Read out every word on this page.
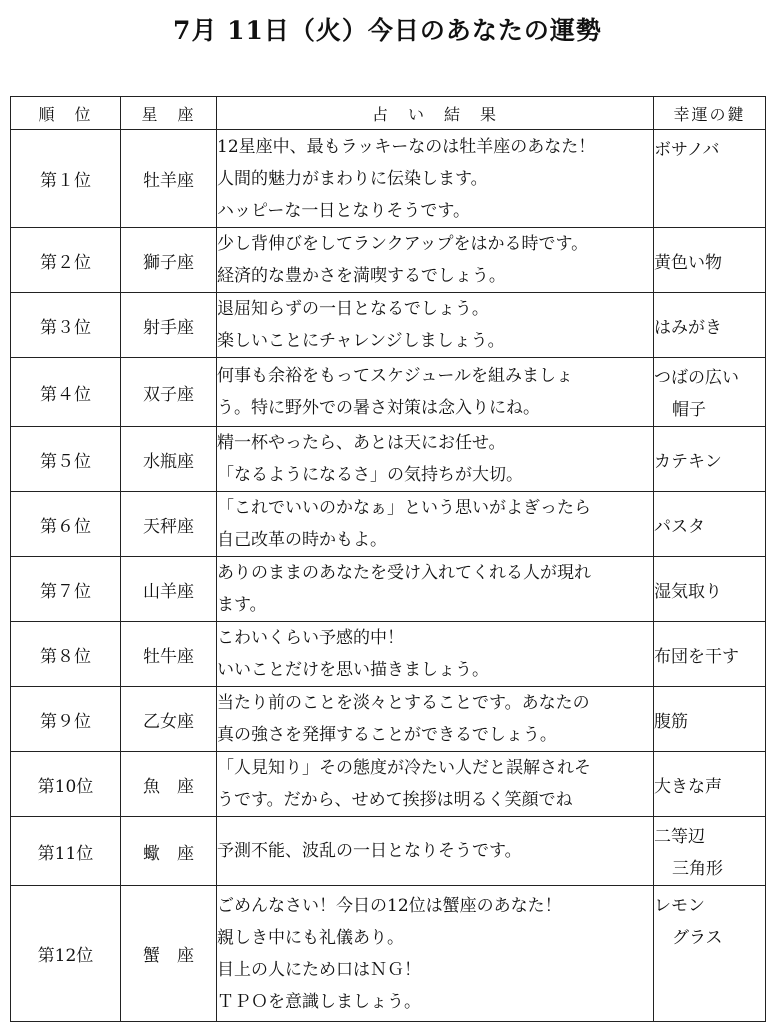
7月 11日（火）今日のあなたの運勢
順　位	星　座	占　い　結　果	幸運の鍵
第１位	牡羊座	12星座中、最もラッキーなのは牡羊座のあなた！
人間的魅力がまわりに伝染します。
ハッピーな一日となりそうです。	ボサノバ

第２位	獅子座	少し背伸びをしてランクアップをはかる時です。
経済的な豊かさを満喫するでしょう。	黄色い物

第３位	射手座	退屈知らずの一日となるでしょう。
楽しいことにチャレンジしましょう。	はみがき

第４位	双子座	何事も余裕をもってスケジュールを組みましょ
う。特に野外での暑さ対策は念入りにね。	つばの広い
帽子

第５位	水瓶座	精一杯やったら、あとは天にお任せ。
「なるようになるさ」の気持ちが大切。	カテキン

第６位	天秤座	「これでいいのかなぁ」という思いがよぎったら
自己改革の時かもよ。	パスタ

第７位	山羊座	ありのままのあなたを受け入れてくれる人が現れ
ます。	湿気取り

第８位	牡牛座	こわいくらい予感的中！
いいことだけを思い描きましょう。	布団を干す

第９位	乙女座	当たり前のことを淡々とすることです。あなたの
真の強さを発揮することができるでしょう。	腹筋

第10位	魚　座	「人見知り」その態度が冷たい人だと誤解されそ
うです。だから、せめて挨拶は明るく笑顔でね	大きな声

第11位	蠍　座	予測不能、波乱の一日となりそうです。	二等辺
三角形

第12位	蟹　座	ごめんなさい！今日の12位は蟹座のあなた！
親しき中にも礼儀あり。
目上の人にため口はＮＧ！
ＴＰＯを意識しましょう。	レモン
グラス
